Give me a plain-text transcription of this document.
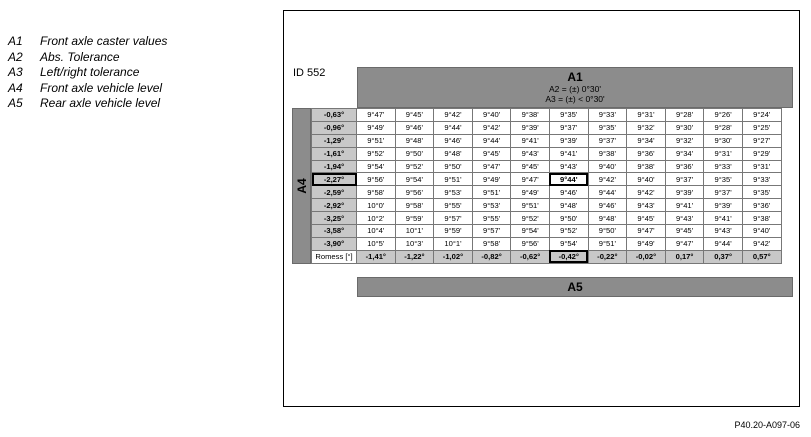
A1 Front axle caster values
A2 Abs. Tolerance
A3 Left/right tolerance
A4 Front axle vehicle level
A5 Rear axle vehicle level
ID 552	A1
A2 = (±) 0°30'
A3 = (±) < 0°30'
A4
-0,63°	9°47'	9°45'	9°42'	9°40'	9°38'	9°35'	9°33'	9°31'	9°28'	9°26'	9°24'
-0,96°	9°49'	9°46'	9°44'	9°42'	9°39'	9°37'	9°35'	9°32'	9°30'	9°28'	9°25'
-1,29°	9°51'	9°48'	9°46'	9°44'	9°41'	9°39'	9°37'	9°34'	9°32'	9°30'	9°27'
-1,61°	9°52'	9°50'	9°48'	9°45'	9°43'	9°41'	9°38'	9°36'	9°34'	9°31'	9°29'
-1,94°	9°54'	9°52'	9°50'	9°47'	9°45'	9°43'	9°40'	9°38'	9°36'	9°33'	9°31'
-2,27°	9°56'	9°54'	9°51'	9°49'	9°47'	9°44'	9°42'	9°40'	9°37'	9°35'	9°33'
-2,59°	9°58'	9°56'	9°53'	9°51'	9°49'	9°46'	9°44'	9°42'	9°39'	9°37'	9°35'
-2,92°	10°0'	9°58'	9°55'	9°53'	9°51'	9°48'	9°46'	9°43'	9°41'	9°39'	9°36'
-3,25°	10°2'	9°59'	9°57'	9°55'	9°52'	9°50'	9°48'	9°45'	9°43'	9°41'	9°38'
-3,58°	10°4'	10°1'	9°59'	9°57'	9°54'	9°52'	9°50'	9°47'	9°45'	9°43'	9°40'
-3,90°	10°5'	10°3'	10°1'	9°58'	9°56'	9°54'	9°51'	9°49'	9°47'	9°44'	9°42'
Romess [°]	-1,41°	-1,22°	-1,02°	-0,82°	-0,62°	-0,42°	-0,22°	-0,02°	0,17°	0,37°	0,57°
A5
P40.20-A097-06
